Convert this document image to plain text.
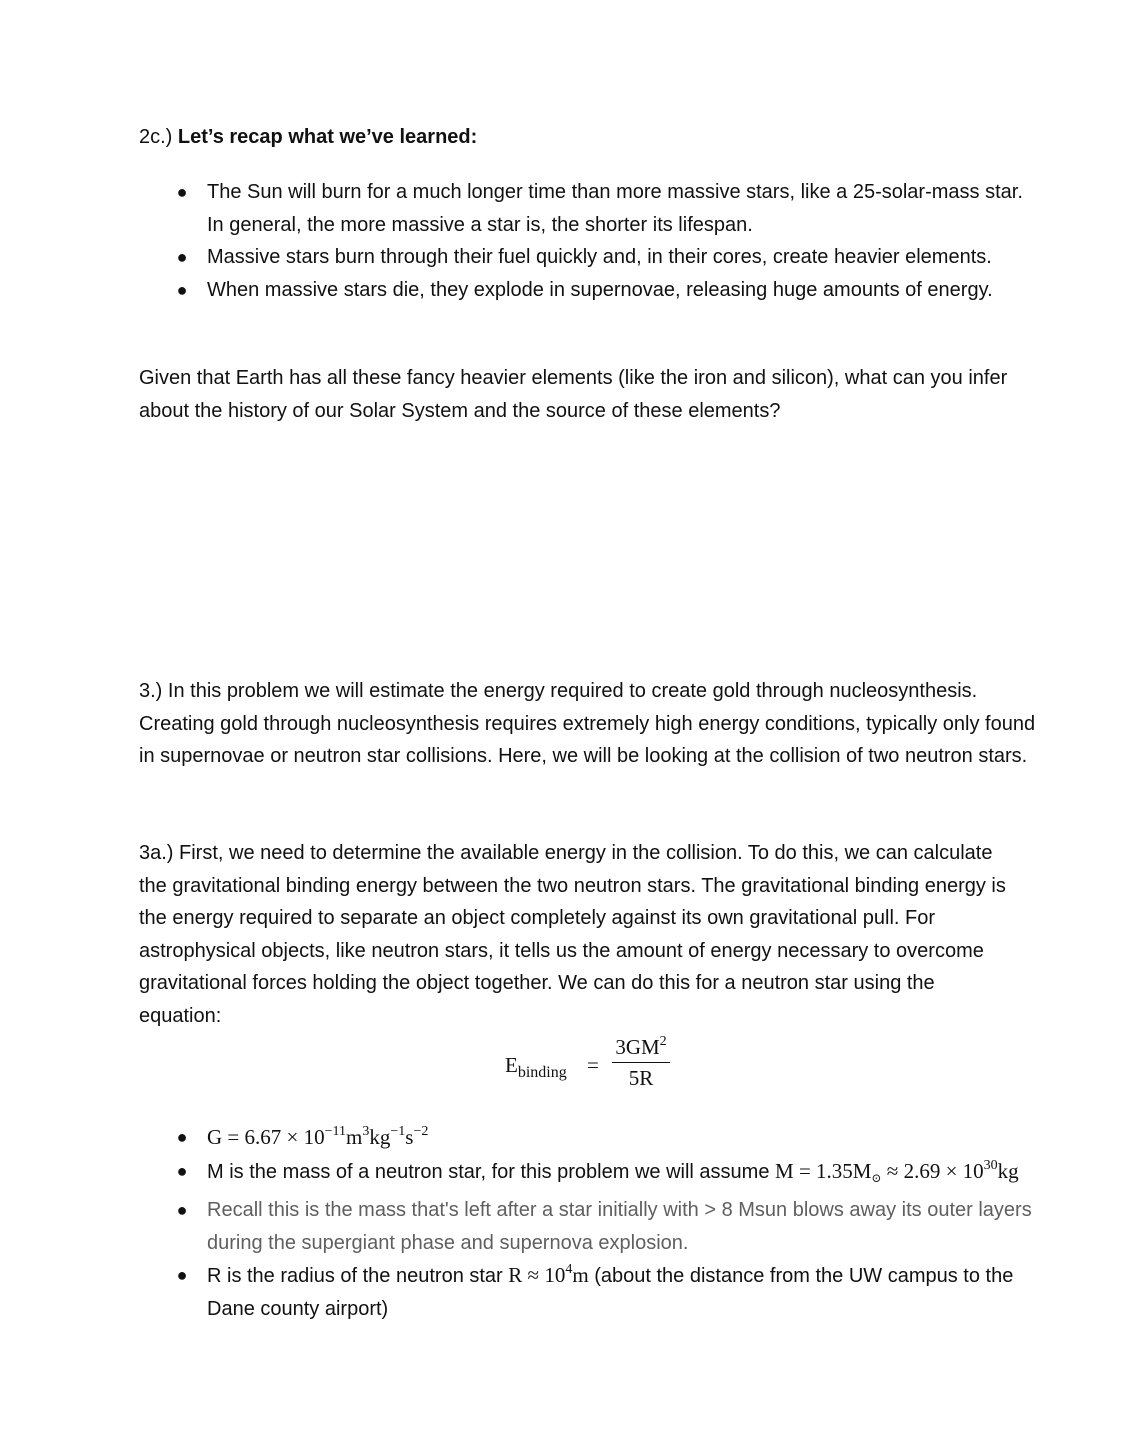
2c.) Let’s recap what we’ve learned:

● The Sun will burn for a much longer time than more massive stars, like a 25-solar-mass star. In general, the more massive a star is, the shorter its lifespan.
● Massive stars burn through their fuel quickly and, in their cores, create heavier elements.
● When massive stars die, they explode in supernovae, releasing huge amounts of energy.

Given that Earth has all these fancy heavier elements (like the iron and silicon), what can you infer about the history of our Solar System and the source of these elements?

3.) In this problem we will estimate the energy required to create gold through nucleosynthesis. Creating gold through nucleosynthesis requires extremely high energy conditions, typically only found in supernovae or neutron star collisions. Here, we will be looking at the collision of two neutron stars.

3a.) First, we need to determine the available energy in the collision. To do this, we can calculate the gravitational binding energy between the two neutron stars. The gravitational binding energy is the energy required to separate an object completely against its own gravitational pull. For astrophysical objects, like neutron stars, it tells us the amount of energy necessary to overcome gravitational forces holding the object together. We can do this for a neutron star using the equation:

$E_{binding}$ =
$3GM^2$
5R
● $G = 6.67 \times 10^{-11}m^3kg^{-1}s^{-2}$
● M is the mass of a neutron star, for this problem we will assume M = 1.35M⊙ ≈ $2.69 \times 10^{30}kg$
● Recall this is the mass that's left after a star initially with > 8 Msun blows away its outer layers during the supergiant phase and supernova explosion.
● R is the radius of the neutron star $R \approx 10^4m$ (about the distance from the UW campus to the Dane county airport)
